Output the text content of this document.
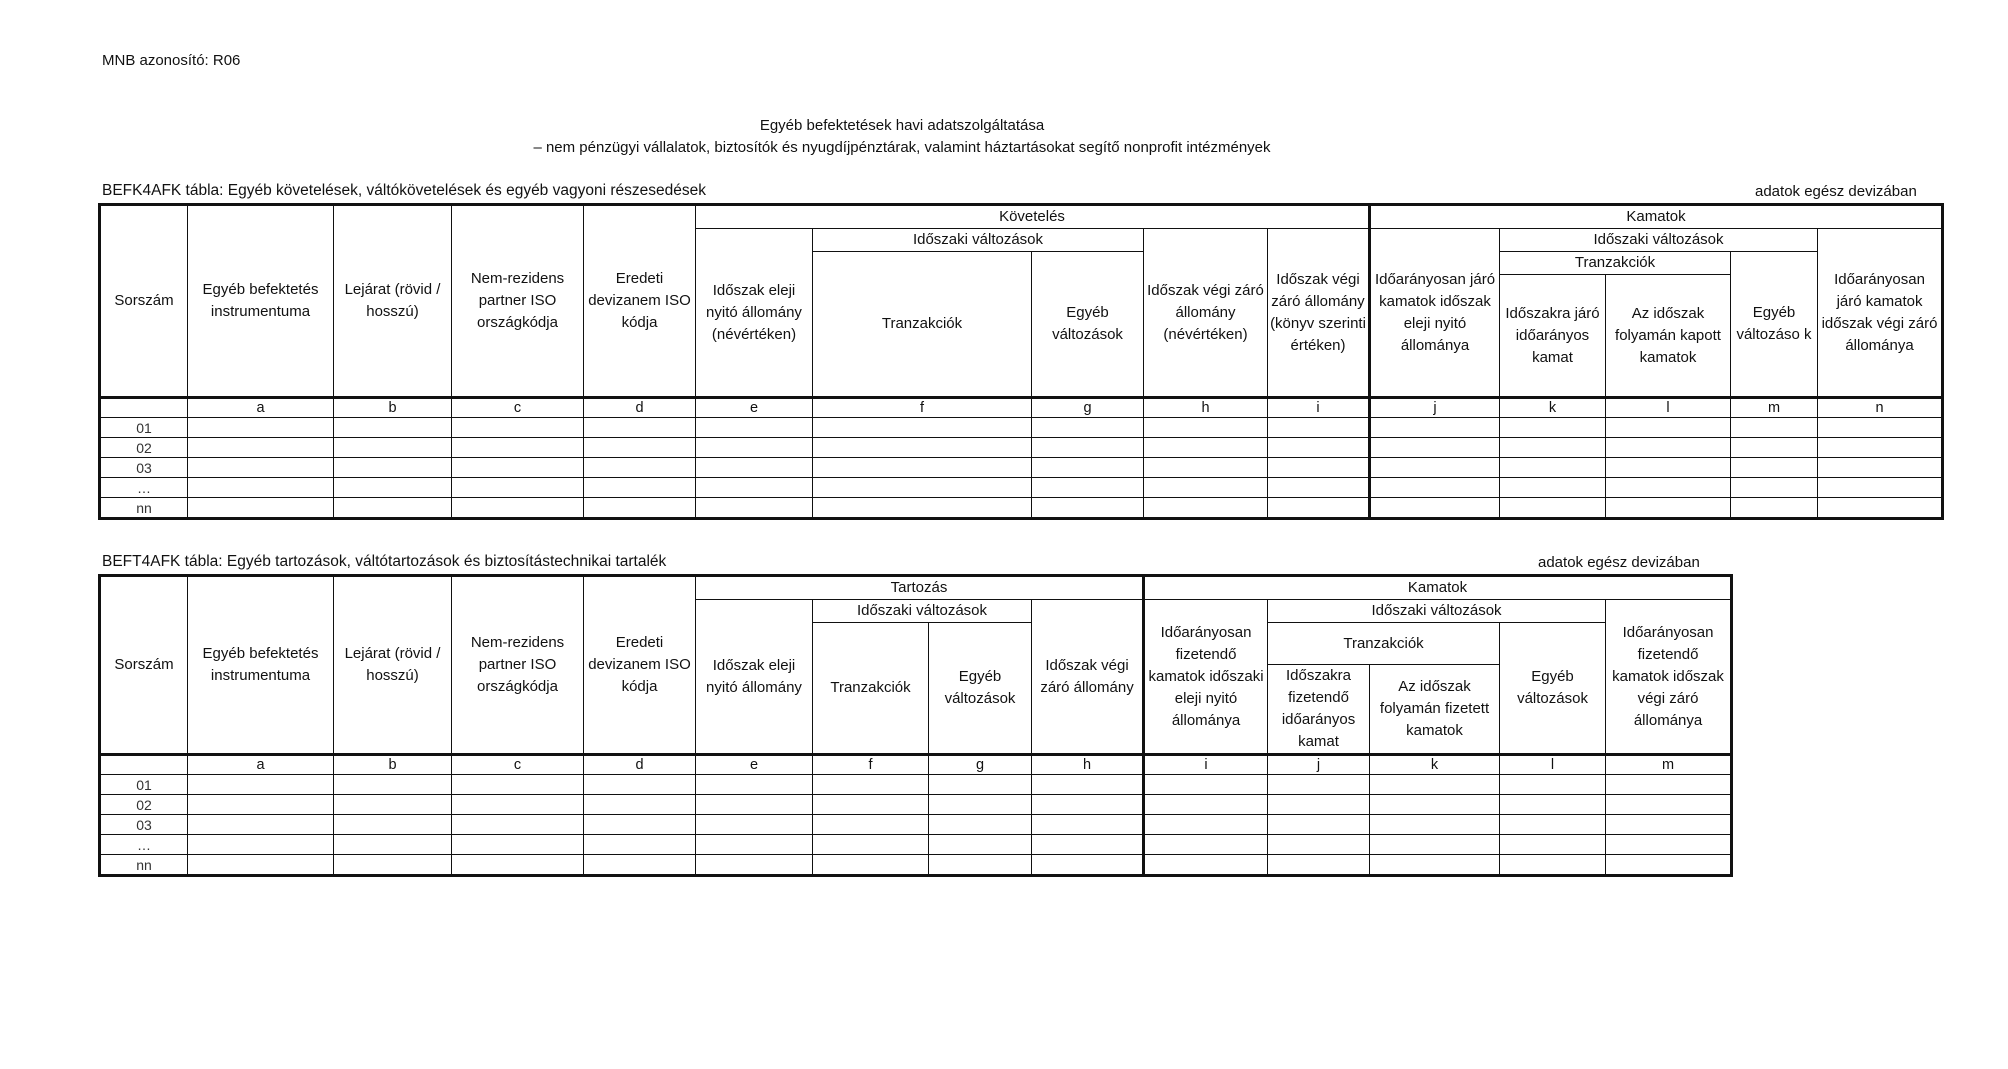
MNB azonosító: R06
Egyéb befektetések havi adatszolgáltatása
– nem pénzügyi vállalatok, biztosítók és nyugdíjpénztárak, valamint háztartásokat segítő nonprofit intézmények
BEFK4AFK tábla: Egyéb követelések, váltókövetelések és egyéb vagyoni részesedések	adatok egész devizában
Sorszám	Egyéb befektetés instrumentuma	Lejárat (rövid / hosszú)	Nem-rezidens partner ISO országkódja	Eredeti devizanem ISO kódja	Követelés					Kamatok				
					Időszak eleji nyitó állomány (névértéken)	Időszaki változások		Időszak végi záró állomány (névértéken)	Időszak végi záró állomány (könyv szerinti értéken)	Időarányosan járó kamatok időszak eleji nyitó állománya	Időszaki változások			Időarányosan járó kamatok időszak végi záró állománya
						Tranzakciók	Egyéb változások				Tranzakciók		Egyéb változáso k	
											Időszakra járó időarányos kamat	Az időszak folyamán kapott kamatok		
	a	b	c	d	e	f	g	h	i	j	k	l	m	n
01														
02														
03														
…														
nn														
BEFT4AFK tábla: Egyéb tartozások, váltótartozások és biztosítástechnikai tartalék	adatok egész devizában
Sorszám	Egyéb befektetés instrumentuma	Lejárat (rövid / hosszú)	Nem-rezidens partner ISO országkódja	Eredeti devizanem ISO kódja	Tartozás				Kamatok				
					Időszak eleji nyitó állomány	Időszaki változások		Időszak végi záró állomány	Időarányosan fizetendő kamatok időszaki eleji nyitó állománya	Időszaki változások			Időarányosan fizetendő kamatok időszak végi záró állománya
						Tranzakciók	Egyéb változások			Tranzakciók		Egyéb változások	
										Időszakra fizetendő időarányos kamat	Az időszak folyamán fizetett kamatok		
	a	b	c	d	e	f	g	h	i	j	k	l	m
01													
02													
03													
…													
nn													
